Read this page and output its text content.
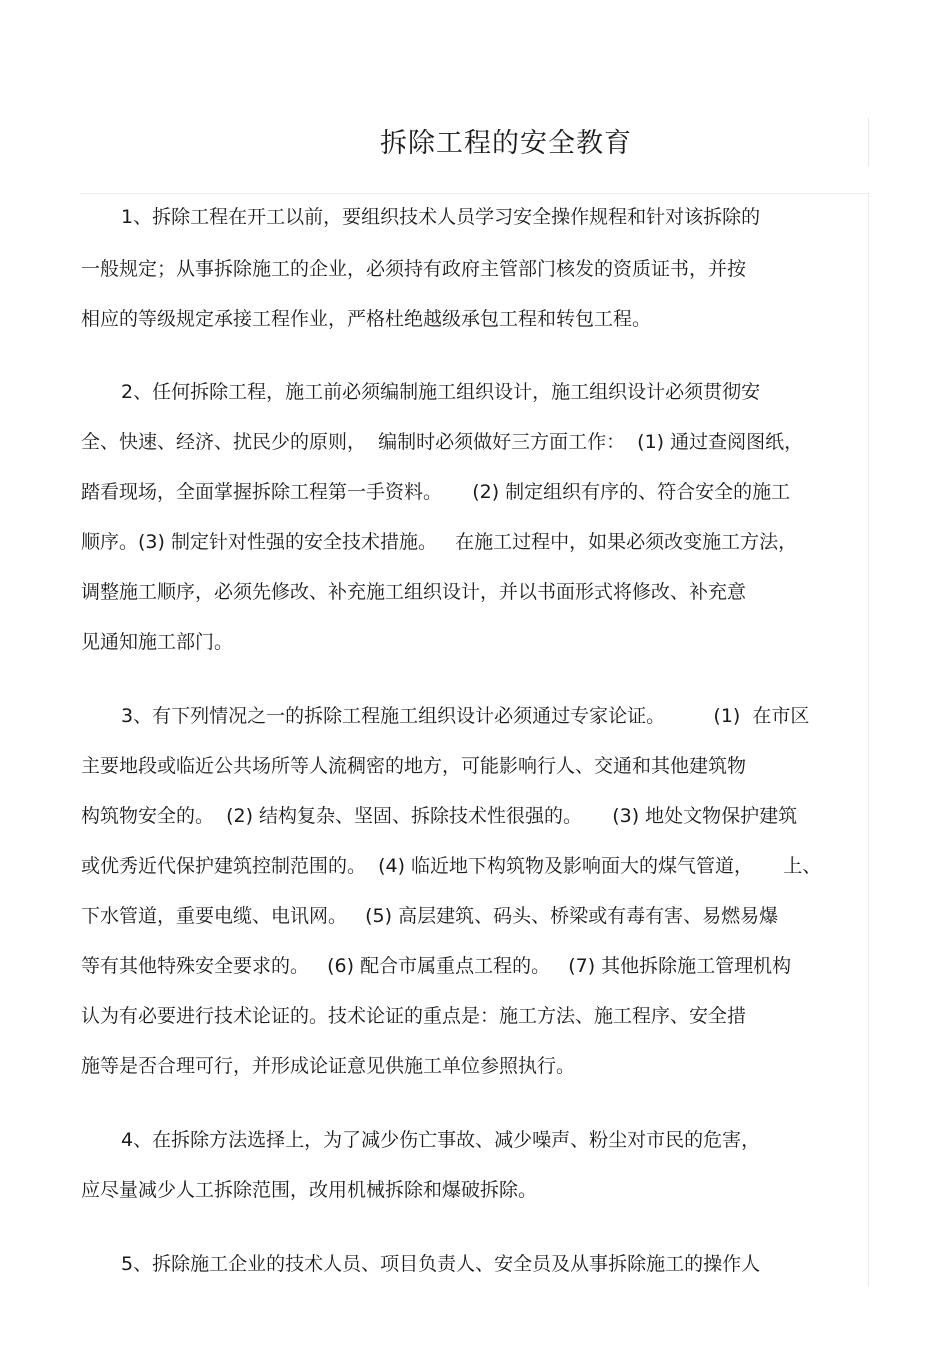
拆除工程的安全教育

1、拆除工程在开工以前，要组织技术人员学习安全操作规程和针对该拆除的

一般规定；从事拆除施工的企业，必须持有政府主管部门核发的资质证书，并按

相应的等级规定承接工程作业，严格杜绝越级承包工程和转包工程。

2、任何拆除工程，施工前必须编制施工组织设计，施工组织设计必须贯彻安

全、快速、经济、扰民少的原则，  编制时必须做好三方面工作：  (1) 通过查阅图纸，

踏看现场，全面掌握拆除工程第一手资料。     (2) 制定组织有序的、符合安全的施工

顺序。(3) 制定针对性强的安全技术措施。   在施工过程中，如果必须改变施工方法，

调整施工顺序，必须先修改、补充施工组织设计，并以书面形式将修改、补充意

见通知施工部门。

3、有下列情况之一的拆除工程施工组织设计必须通过专家论证。        (1)  在市区

主要地段或临近公共场所等人流稠密的地方，可能影响行人、交通和其他建筑物

构筑物安全的。  (2) 结构复杂、坚固、拆除技术性很强的。     (3) 地处文物保护建筑

或优秀近代保护建筑控制范围的。  (4) 临近地下构筑物及影响面大的煤气管道，     上、

下水管道，重要电缆、电讯网。   (5) 高层建筑、码头、桥梁或有毒有害、易燃易爆

等有其他特殊安全要求的。   (6) 配合市属重点工程的。   (7) 其他拆除施工管理机构

认为有必要进行技术论证的。技术论证的重点是：施工方法、施工程序、安全措

施等是否合理可行，并形成论证意见供施工单位参照执行。

4、在拆除方法选择上，为了减少伤亡事故、减少噪声、粉尘对市民的危害，

应尽量减少人工拆除范围，改用机械拆除和爆破拆除。

5、拆除施工企业的技术人员、项目负责人、安全员及从事拆除施工的操作人
